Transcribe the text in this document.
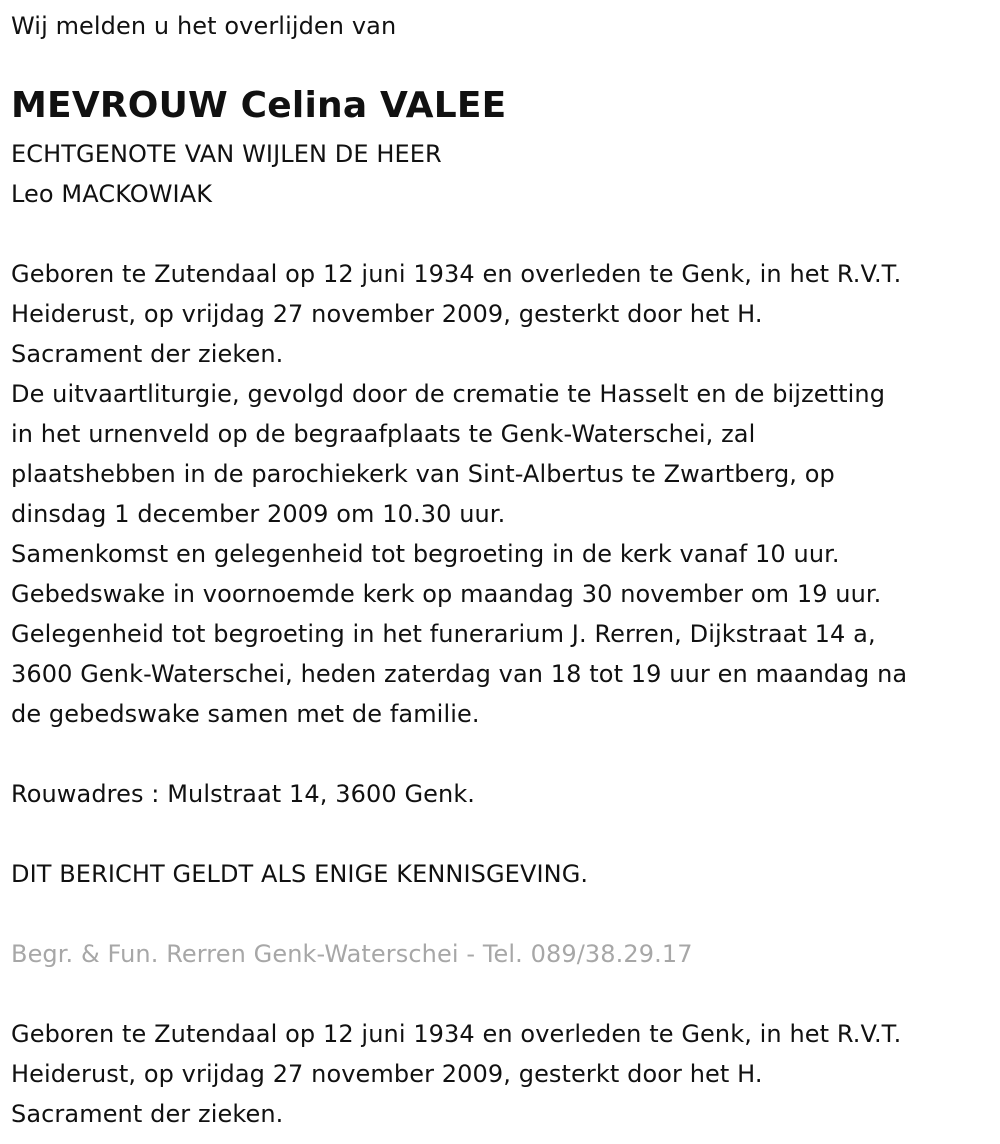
Wij melden u het overlijden van
MEVROUW Celina VALEE
ECHTGENOTE VAN WIJLEN DE HEER
Leo MACKOWIAK
Geboren te Zutendaal op 12 juni 1934 en overleden te Genk, in het R.V.T.
Heiderust, op vrijdag 27 november 2009, gesterkt door het H.
Sacrament der zieken.
De uitvaartliturgie, gevolgd door de crematie te Hasselt en de bijzetting
in het urnenveld op de begraafplaats te Genk-Waterschei, zal
plaatshebben in de parochiekerk van Sint-Albertus te Zwartberg, op
dinsdag 1 december 2009 om 10.30 uur.
Samenkomst en gelegenheid tot begroeting in de kerk vanaf 10 uur.
Gebedswake in voornoemde kerk op maandag 30 november om 19 uur.
Gelegenheid tot begroeting in het funerarium J. Rerren, Dijkstraat 14 a,
3600 Genk-Waterschei, heden zaterdag van 18 tot 19 uur en maandag na
de gebedswake samen met de familie.
Rouwadres : Mulstraat 14, 3600 Genk.
DIT BERICHT GELDT ALS ENIGE KENNISGEVING.
Begr. & Fun. Rerren Genk-Waterschei - Tel. 089/38.29.17
Geboren te Zutendaal op 12 juni 1934 en overleden te Genk, in het R.V.T.
Heiderust, op vrijdag 27 november 2009, gesterkt door het H.
Sacrament der zieken.
